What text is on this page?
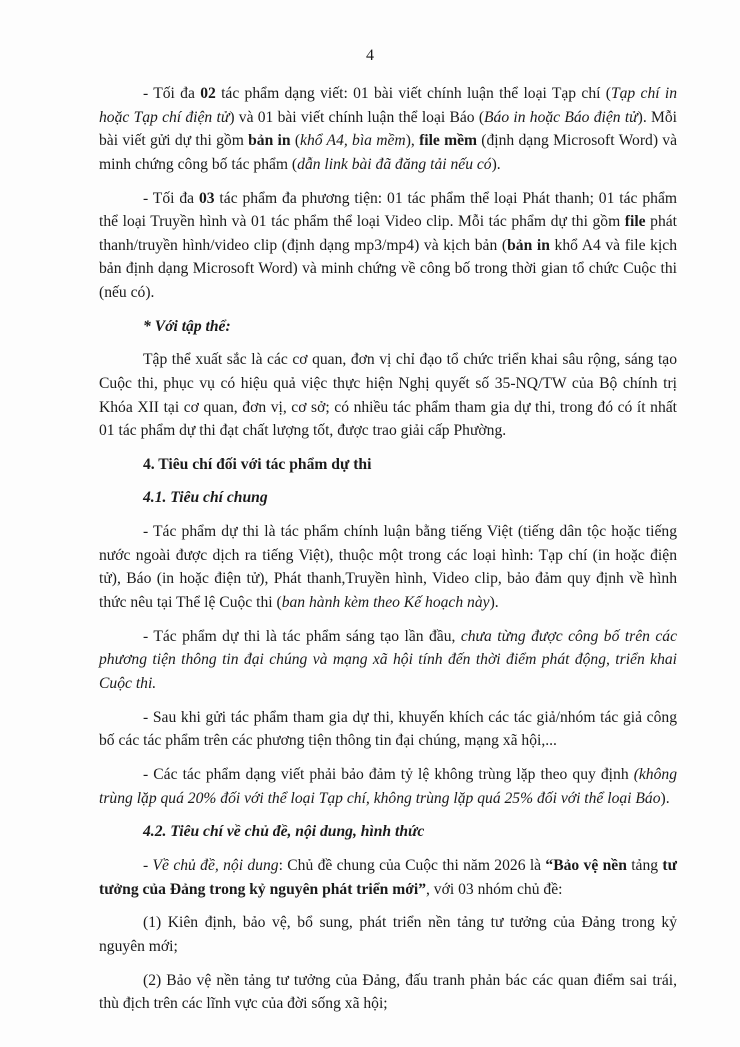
4

- Tối đa 02 tác phẩm dạng viết: 01 bài viết chính luận thể loại Tạp chí (Tạp chí in hoặc Tạp chí điện tử) và 01 bài viết chính luận thể loại Báo (Báo in hoặc Báo điện tử). Mỗi bài viết gửi dự thi gồm bản in (khổ A4, bìa mềm), file mềm (định dạng Microsoft Word) và minh chứng công bố tác phẩm (dẫn link bài đã đăng tải nếu có).

- Tối đa 03 tác phẩm đa phương tiện: 01 tác phẩm thể loại Phát thanh; 01 tác phẩm thể loại Truyền hình và 01 tác phẩm thể loại Video clip. Mỗi tác phẩm dự thi gồm file phát thanh/truyền hình/video clip (định dạng mp3/mp4) và kịch bản (bản in khổ A4 và file kịch bản định dạng Microsoft Word) và minh chứng về công bố trong thời gian tổ chức Cuộc thi (nếu có).

* Với tập thể:

Tập thể xuất sắc là các cơ quan, đơn vị chỉ đạo tổ chức triển khai sâu rộng, sáng tạo Cuộc thi, phục vụ có hiệu quả việc thực hiện Nghị quyết số 35-NQ/TW của Bộ chính trị Khóa XII tại cơ quan, đơn vị, cơ sở; có nhiều tác phẩm tham gia dự thi, trong đó có ít nhất 01 tác phẩm dự thi đạt chất lượng tốt, được trao giải cấp Phường.

4. Tiêu chí đối với tác phẩm dự thi

4.1. Tiêu chí chung

- Tác phẩm dự thi là tác phẩm chính luận bằng tiếng Việt (tiếng dân tộc hoặc tiếng nước ngoài được dịch ra tiếng Việt), thuộc một trong các loại hình: Tạp chí (in hoặc điện tử), Báo (in hoặc điện tử), Phát thanh,Truyền hình, Video clip, bảo đảm quy định về hình thức nêu tại Thể lệ Cuộc thi (ban hành kèm theo Kế hoạch này).

- Tác phẩm dự thi là tác phẩm sáng tạo lần đầu, chưa từng được công bố trên các phương tiện thông tin đại chúng và mạng xã hội tính đến thời điểm phát động, triển khai Cuộc thi.

- Sau khi gửi tác phẩm tham gia dự thi, khuyến khích các tác giả/nhóm tác giả công bố các tác phẩm trên các phương tiện thông tin đại chúng, mạng xã hội,...

- Các tác phẩm dạng viết phải bảo đảm tỷ lệ không trùng lặp theo quy định (không trùng lặp quá 20% đối với thể loại Tạp chí, không trùng lặp quá 25% đối với thể loại Báo).

4.2. Tiêu chí về chủ đề, nội dung, hình thức

- Về chủ đề, nội dung: Chủ đề chung của Cuộc thi năm 2026 là “Bảo vệ nền tảng tư tưởng của Đảng trong kỷ nguyên phát triển mới”, với 03 nhóm chủ đề:

(1) Kiên định, bảo vệ, bổ sung, phát triển nền tảng tư tưởng của Đảng trong kỷ nguyên mới;

(2) Bảo vệ nền tảng tư tưởng của Đảng, đấu tranh phản bác các quan điểm sai trái, thù địch trên các lĩnh vực của đời sống xã hội;
